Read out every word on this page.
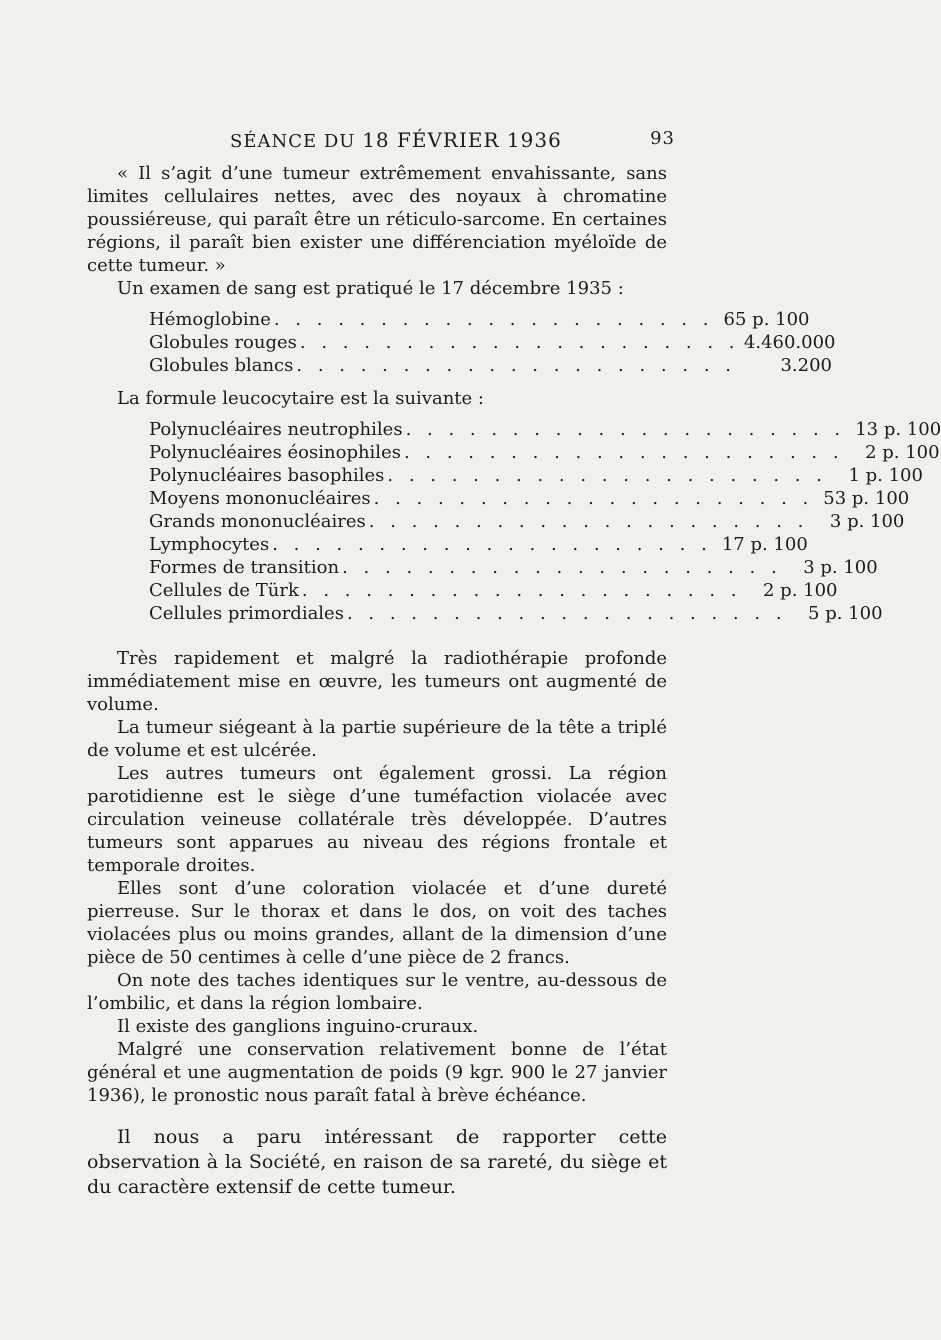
SÉANCE DU 18 FÉVRIER 1936	93

« Il s’agit d’une tumeur extrêmement envahissante, sans limites cellulaires nettes, avec des noyaux à chromatine poussiéreuse, qui paraît être un réticulo-sarcome. En certaines régions, il paraît bien exister une différenciation myéloïde de cette tumeur. »

Un examen de sang est pratiqué le 17 décembre 1935 :

Hémoglobine . . . . . . . . . . . . . . . . . . . . . 65 p. 100
Globules rouges . . . . . . . . . . . . . . . . . . . . . 4.460.000
Globules blancs . . . . . . . . . . . . . . . . . . . . .	3.200

La formule leucocytaire est la suivante :

Polynucléaires neutrophiles . . . . . . . . . . . . . . . . . . . . . 13 p. 100
Polynucléaires éosinophiles . . . . . . . . . . . . . . . . . . . . .	2 p. 100
Polynucléaires basophiles . . . . . . . . . . . . . . . . . . . . .	1 p. 100
Moyens mononucléaires . . . . . . . . . . . . . . . . . . . . . 53 p. 100
Grands mononucléaires . . . . . . . . . . . . . . . . . . . . .	3 p. 100
Lymphocytes . . . . . . . . . . . . . . . . . . . . . 17 p. 100
Formes de transition . . . . . . . . . . . . . . . . . . . . .	3 p. 100
Cellules de Türk . . . . . . . . . . . . . . . . . . . . .	2 p. 100
Cellules primordiales . . . . . . . . . . . . . . . . . . . . .	5 p. 100

Très rapidement et malgré la radiothérapie profonde immédiatement mise en œuvre, les tumeurs ont augmenté de volume.

La tumeur siégeant à la partie supérieure de la tête a triplé de volume et est ulcérée.

Les autres tumeurs ont également grossi. La région parotidienne est le siège d’une tuméfaction violacée avec circulation veineuse collatérale très développée. D’autres tumeurs sont apparues au niveau des régions frontale et temporale droites.

Elles sont d’une coloration violacée et d’une dureté pierreuse. Sur le thorax et dans le dos, on voit des taches violacées plus ou moins grandes, allant de la dimension d’une pièce de 50 centimes à celle d’une pièce de 2 francs.

On note des taches identiques sur le ventre, au-dessous de l’ombilic, et dans la région lombaire.

Il existe des ganglions inguino-cruraux.

Malgré une conservation relativement bonne de l’état général et une augmentation de poids (9 kgr. 900 le 27 janvier 1936), le pronostic nous paraît fatal à brève échéance.

Il nous a paru intéressant de rapporter cette observation à la Société, en raison de sa rareté, du siège et du caractère extensif de cette tumeur.
